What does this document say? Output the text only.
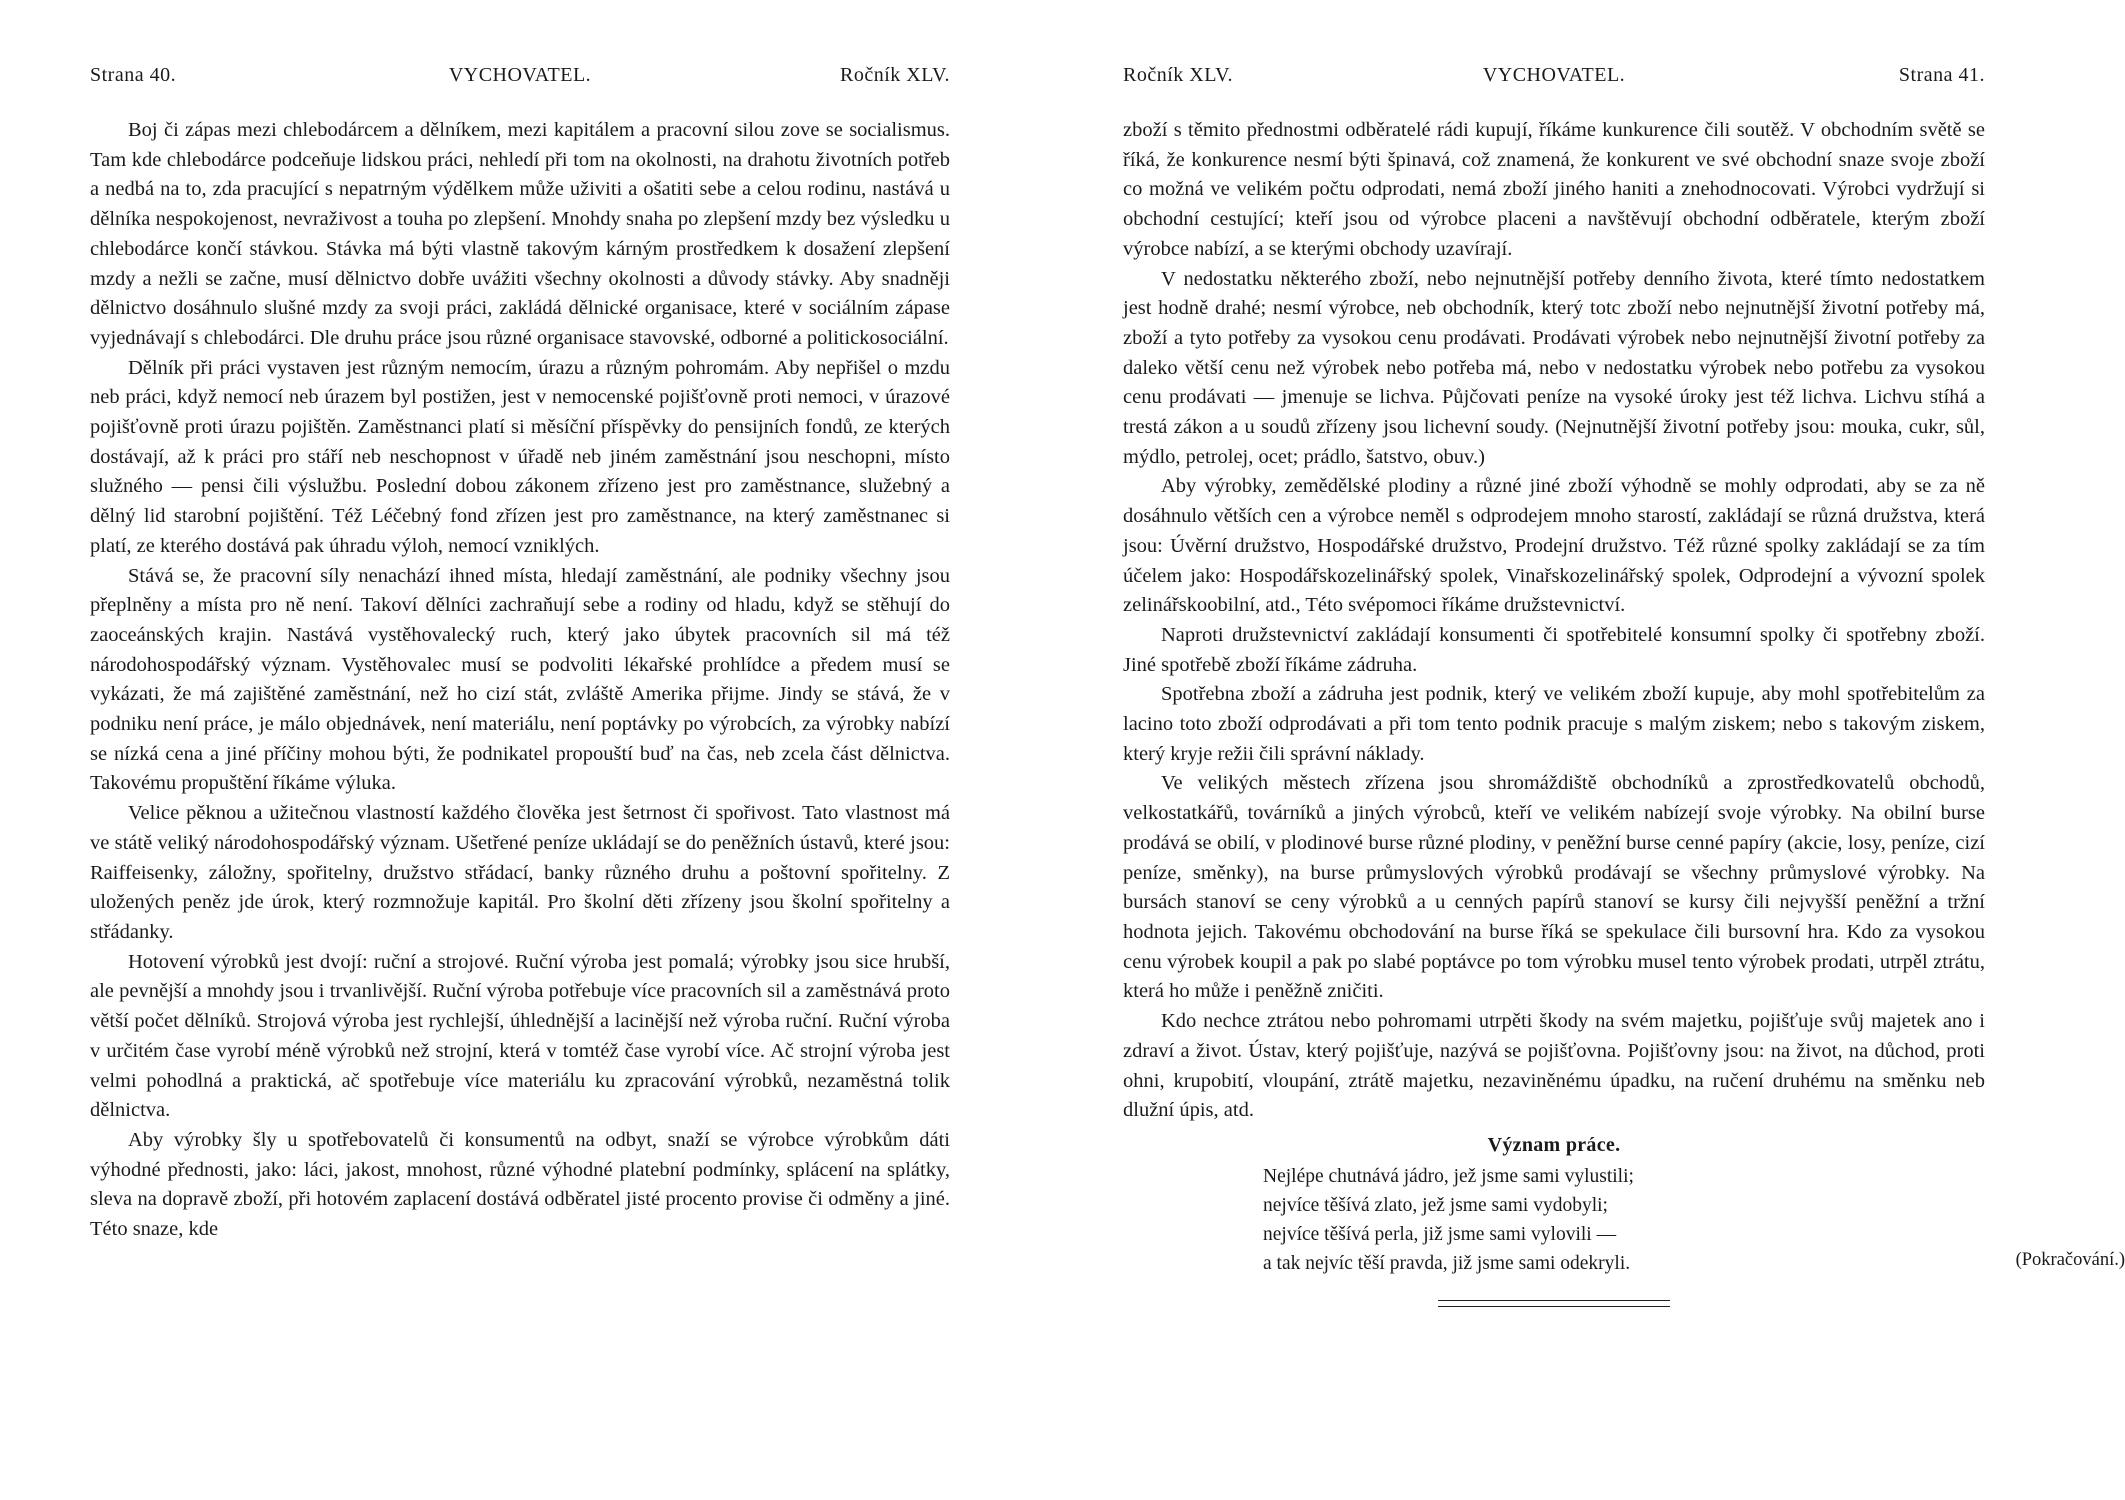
Strana 40.	VYCHOVATEL.	Ročník XLV.

Boj či zápas mezi chlebodárcem a dělníkem, mezi kapitálem a pracovní silou zove se socialismus. Tam kde chlebodárce podceňuje lidskou práci, nehledí při tom na okolnosti, na drahotu životních potřeb a nedbá na to, zda pracující s nepatrným výdělkem může uživiti a ošatiti sebe a celou rodinu, nastává u dělníka nespokojenost, nevraživost a touha po zlepšení. Mnohdy snaha po zlepšení mzdy bez výsledku u chlebodárce končí stávkou. Stávka má býti vlastně takovým kárným prostředkem k dosažení zlepšení mzdy a nežli se začne, musí dělnictvo dobře uvážiti všechny okolnosti a důvody stávky. Aby snadněji dělnictvo dosáhnulo slušné mzdy za svoji práci, zakládá dělnické organisace, které v sociálním zápase vyjednávají s chlebodárci. Dle druhu práce jsou různé organisace stavovské, odborné a politickosociální.

Dělník při práci vystaven jest různým nemocím, úrazu a různým pohromám. Aby nepřišel o mzdu neb práci, když nemocí neb úrazem byl postižen, jest v nemocenské pojišťovně proti nemoci, v úrazové pojišťovně proti úrazu pojištěn. Zaměstnanci platí si měsíční příspěvky do pensijních fondů, ze kterých dostávají, až k práci pro stáří neb neschopnost v úřadě neb jiném zaměstnání jsou neschopni, místo služného — pensi čili výslužbu. Poslední dobou zákonem zřízeno jest pro zaměstnance, služebný a dělný lid starobní pojištění. Též Léčebný fond zřízen jest pro zaměstnance, na který zaměstnanec si platí, ze kterého dostává pak úhradu výloh, nemocí vzniklých.

Stává se, že pracovní síly nenachází ihned místa, hledají zaměstnání, ale podniky všechny jsou přeplněny a místa pro ně není. Takoví dělníci zachraňují sebe a rodiny od hladu, když se stěhují do zaoceánských krajin. Nastává vystěhovalecký ruch, který jako úbytek pracovních sil má též národohospodářský význam. Vystěhovalec musí se podvoliti lékařské prohlídce a předem musí se vykázati, že má zajištěné zaměstnání, než ho cizí stát, zvláště Amerika přijme. Jindy se stává, že v podniku není práce, je málo objednávek, není materiálu, není poptávky po výrobcích, za výrobky nabízí se nízká cena a jiné příčiny mohou býti, že podnikatel propouští buď na čas, neb zcela část dělnictva. Takovému propuštění říkáme výluka.

Velice pěknou a užitečnou vlastností každého člověka jest šetrnost či spořivost. Tato vlastnost má ve státě veliký národohospodářský význam. Ušetřené peníze ukládají se do peněžních ústavů, které jsou: Raiffeisenky, záložny, spořitelny, družstvo střádací, banky různého druhu a poštovní spořitelny. Z uložených peněz jde úrok, který rozmnožuje kapitál. Pro školní děti zřízeny jsou školní spořitelny a střádanky.

Hotovení výrobků jest dvojí: ruční a strojové. Ruční výroba jest pomalá; výrobky jsou sice hrubší, ale pevnější a mnohdy jsou i trvanlivější. Ruční výroba potřebuje více pracovních sil a zaměstnává proto větší počet dělníků. Strojová výroba jest rychlejší, úhlednější a lacinější než výroba ruční. Ruční výroba v určitém čase vyrobí méně výrobků než strojní, která v tomtéž čase vyrobí více. Ač strojní výroba jest velmi pohodlná a praktická, ač spotřebuje více materiálu ku zpracování výrobků, nezaměstná tolik dělnictva.

Aby výrobky šly u spotřebovatelů či konsumentů na odbyt, snaží se výrobce výrobkům dáti výhodné přednosti, jako: láci, jakost, mnohost, různé výhodné platební podmínky, splácení na splátky, sleva na dopravě zboží, při hotovém zaplacení dostává odběratel jisté procento provise či odměny a jiné. Této snaze, kde

Ročník XLV.	VYCHOVATEL.	Strana 41.

zboží s těmito přednostmi odběratelé rádi kupují, říkáme kunkurence čili soutěž. V obchodním světě se říká, že konkurence nesmí býti špinavá, což znamená, že konkurent ve své obchodní snaze svoje zboží co možná ve velikém počtu odprodati, nemá zboží jiného haniti a znehodnocovati. Výrobci vydržují si obchodní cestující; kteří jsou od výrobce placeni a navštěvují obchodní odběratele, kterým zboží výrobce nabízí, a se kterými obchody uzavírají.

V nedostatku některého zboží, nebo nejnutnější potřeby denního života, které tímto nedostatkem jest hodně drahé; nesmí výrobce, neb obchodník, který totc zboží nebo nejnutnější životní potřeby má, zboží a tyto potřeby za vysokou cenu prodávati. Prodávati výrobek nebo nejnutnější životní potřeby za daleko větší cenu než výrobek nebo potřeba má, nebo v nedostatku výrobek nebo potřebu za vysokou cenu prodávati — jmenuje se lichva. Půjčovati peníze na vysoké úroky jest též lichva. Lichvu stíhá a trestá zákon a u soudů zřízeny jsou lichevní soudy. (Nejnutnější životní potřeby jsou: mouka, cukr, sůl, mýdlo, petrolej, ocet; prádlo, šatstvo, obuv.)

Aby výrobky, zemědělské plodiny a různé jiné zboží výhodně se mohly odprodati, aby se za ně dosáhnulo větších cen a výrobce neměl s odprodejem mnoho starostí, zakládají se různá družstva, která jsou: Úvěrní družstvo, Hospodářské družstvo, Prodejní družstvo. Též různé spolky zakládají se za tím účelem jako: Hospodářskozelinářský spolek, Vinařskozelinářský spolek, Odprodejní a vývozní spolek zelinářskoobilní, atd., Této svépomoci říkáme družstevnictví.

Naproti družstevnictví zakládají konsumenti či spotřebitelé konsumní spolky či spotřebny zboží. Jiné spotřebě zboží říkáme zádruha.

Spotřebna zboží a zádruha jest podnik, který ve velikém zboží kupuje, aby mohl spotřebitelům za lacino toto zboží odprodávati a při tom tento podnik pracuje s malým ziskem; nebo s takovým ziskem, který kryje režii čili správní náklady.

Ve velikých městech zřízena jsou shromáždiště obchodníků a zprostředkovatelů obchodů, velkostatkářů, továrníků a jiných výrobců, kteří ve velikém nabízejí svoje výrobky. Na obilní burse prodává se obilí, v plodinové burse různé plodiny, v peněžní burse cenné papíry (akcie, losy, peníze, cizí peníze, směnky), na burse průmyslových výrobků prodávají se všechny průmyslové výrobky. Na bursách stanoví se ceny výrobků a u cenných papírů stanoví se kursy čili nejvyšší peněžní a tržní hodnota jejich. Takovému obchodování na burse říká se spekulace čili bursovní hra. Kdo za vysokou cenu výrobek koupil a pak po slabé poptávce po tom výrobku musel tento výrobek prodati, utrpěl ztrátu, která ho může i peněžně zničiti.

Kdo nechce ztrátou nebo pohromami utrpěti škody na svém majetku, pojišťuje svůj majetek ano i zdraví a život. Ústav, který pojišťuje, nazývá se pojišťovna. Pojišťovny jsou: na život, na důchod, proti ohni, krupobití, vloupání, ztrátě majetku, nezaviněnému úpadku, na ručení druhému na směnku neb dlužní úpis, atd.

Význam práce.
Nejlépe chutnává jádro, jež jsme sami vylustili;
nejvíce těšívá zlato, jež jsme sami vydobyli;
nejvíce těšívá perla, již jsme sami vylovili —
a tak nejvíc těší pravda, již jsme sami odekryli.	(Pokračování.)
